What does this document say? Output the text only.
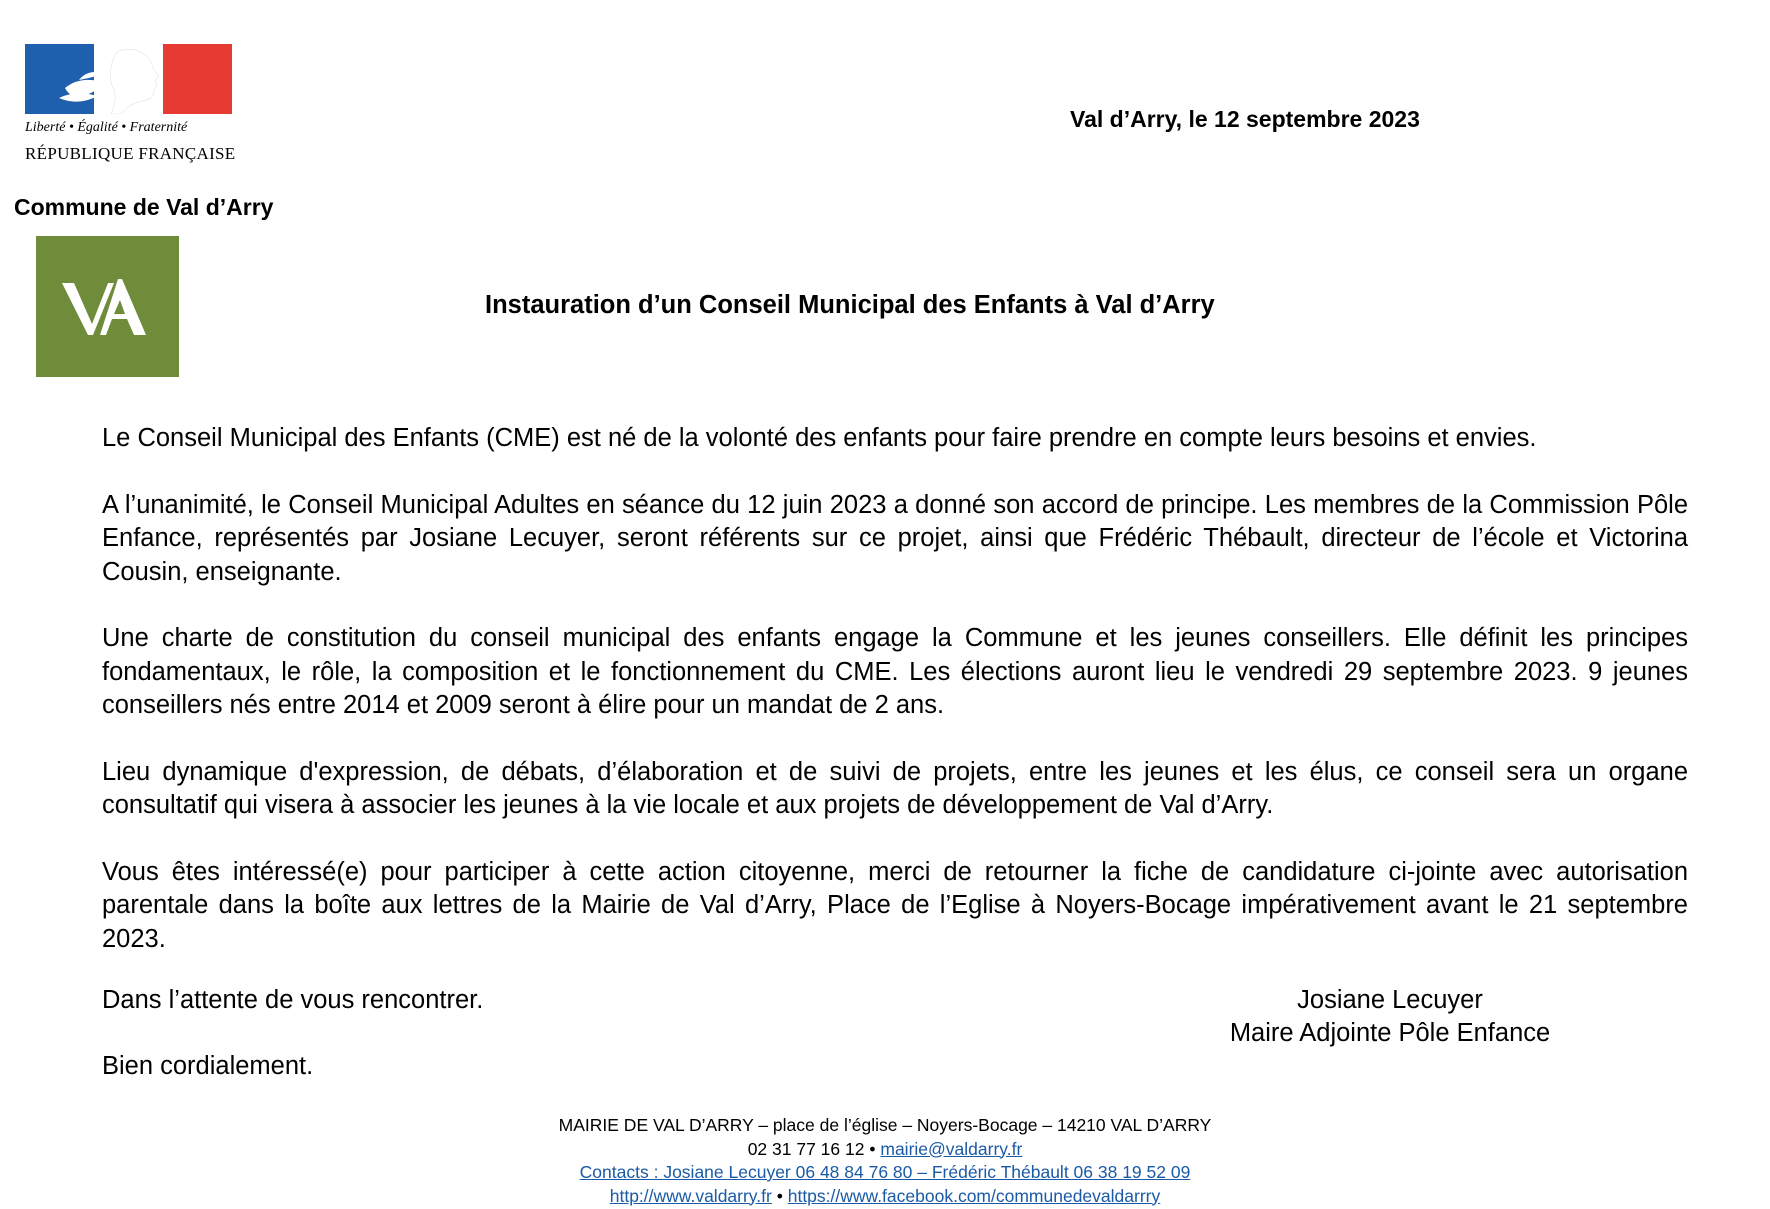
Liberté • Égalité • Fraternité
RÉPUBLIQUE FRANÇAISE
Commune de Val d’Arry
Val d’Arry, le 12 septembre 2023
Instauration d’un Conseil Municipal des Enfants à Val d’Arry

Le Conseil Municipal des Enfants (CME) est né de la volonté des enfants pour faire prendre en compte leurs besoins et envies.

A l’unanimité, le Conseil Municipal Adultes en séance du 12 juin 2023 a donné son accord de principe. Les membres de la Commission Pôle Enfance, représentés par Josiane Lecuyer, seront référents sur ce projet, ainsi que Frédéric Thébault, directeur de l’école et Victorina Cousin, enseignante.

Une charte de constitution du conseil municipal des enfants engage la Commune et les jeunes conseillers. Elle définit les principes fondamentaux, le rôle, la composition et le fonctionnement du CME. Les élections auront lieu le vendredi 29 septembre 2023. 9 jeunes conseillers nés entre 2014 et 2009 seront à élire pour un mandat de 2 ans.

Lieu dynamique d'expression, de débats, d’élaboration et de suivi de projets, entre les jeunes et les élus, ce conseil sera un organe consultatif qui visera à associer les jeunes à la vie locale et aux projets de développement de Val d’Arry.

Vous êtes intéressé(e) pour participer à cette action citoyenne, merci de retourner la fiche de candidature ci-jointe avec autorisation parentale dans la boîte aux lettres de la Mairie de Val d’Arry, Place de l’Eglise à Noyers-Bocage impérativement avant le 21 septembre 2023.

Dans l’attente de vous rencontrer.
Bien cordialement.
Josiane Lecuyer
Maire Adjointe Pôle Enfance
MAIRIE DE VAL D’ARRY – place de l’église – Noyers-Bocage – 14210 VAL D’ARRY
02 31 77 16 12 • mairie@valdarry.fr
Contacts : Josiane Lecuyer 06 48 84 76 80 – Frédéric Thébault 06 38 19 52 09
http://www.valdarry.fr • https://www.facebook.com/communedevaldarrry
